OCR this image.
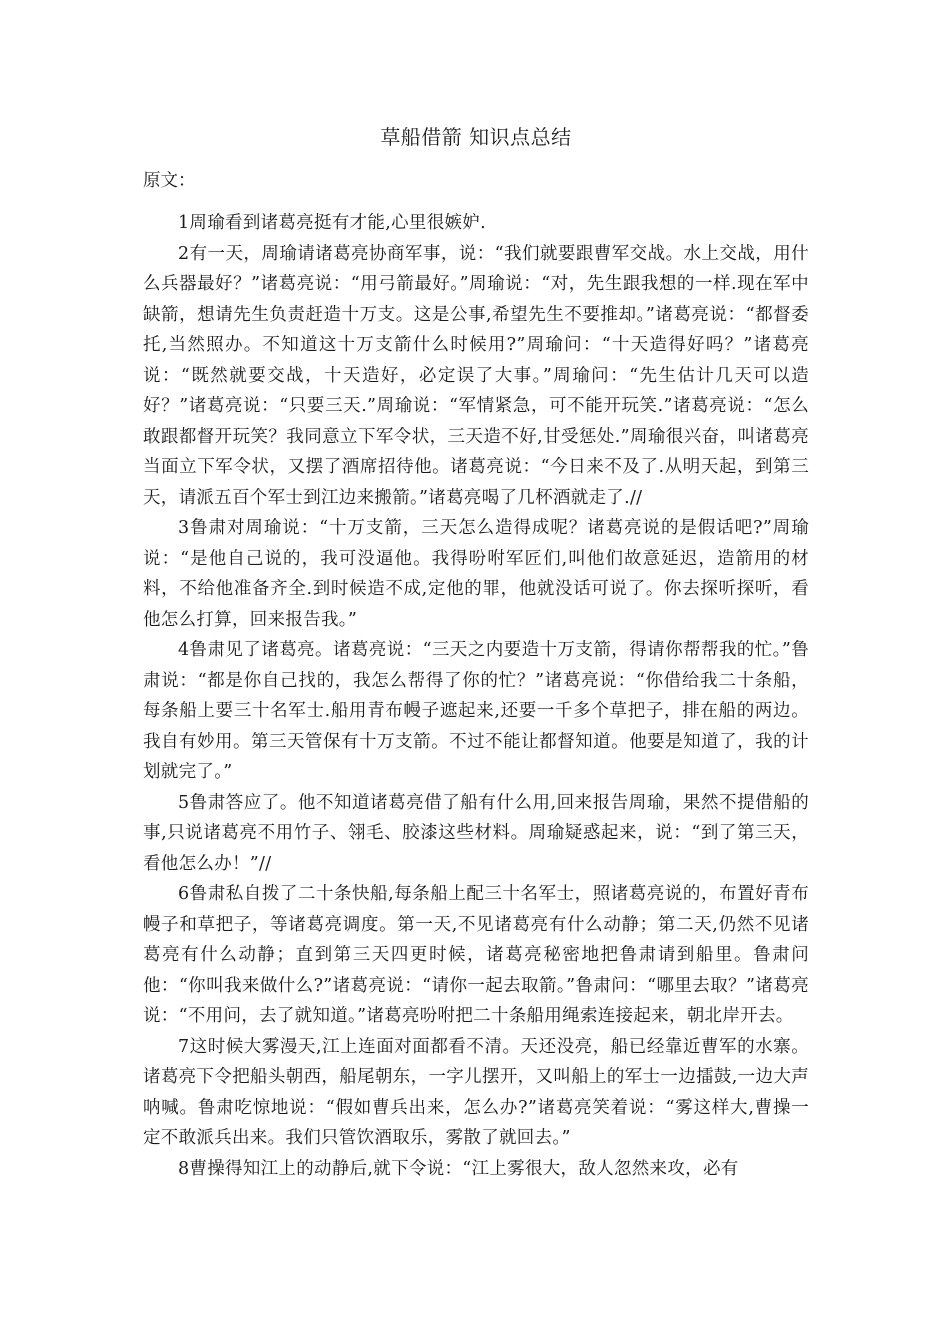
草船借箭 知识点总结

原文：

1周瑜看到诸葛亮挺有才能,心里很嫉妒.

2有一天，周瑜请诸葛亮协商军事，说：“我们就要跟曹军交战。水上交战，用什么兵器最好？”诸葛亮说：“用弓箭最好。”周瑜说：“对，先生跟我想的一样.现在军中缺箭，想请先生负责赶造十万支。这是公事,希望先生不要推却。”诸葛亮说：“都督委托,当然照办。不知道这十万支箭什么时候用?”周瑜问：“十天造得好吗？”诸葛亮说：“既然就要交战，十天造好，必定误了大事。”周瑜问：“先生估计几天可以造好？”诸葛亮说：“只要三天.”周瑜说：“军情紧急，可不能开玩笑.”诸葛亮说：“怎么敢跟都督开玩笑？我同意立下军令状，三天造不好,甘受惩处.”周瑜很兴奋，叫诸葛亮当面立下军令状，又摆了酒席招待他。诸葛亮说：“今日来不及了.从明天起，到第三天，请派五百个军士到江边来搬箭。”诸葛亮喝了几杯酒就走了.//

3鲁肃对周瑜说：“十万支箭，三天怎么造得成呢？诸葛亮说的是假话吧?”周瑜说：“是他自己说的，我可没逼他。我得吩咐军匠们,叫他们故意延迟，造箭用的材料，不给他准备齐全.到时候造不成,定他的罪，他就没话可说了。你去探听探听，看他怎么打算，回来报告我。”

4鲁肃见了诸葛亮。诸葛亮说：“三天之内要造十万支箭，得请你帮帮我的忙。”鲁肃说：“都是你自己找的，我怎么帮得了你的忙？”诸葛亮说：“你借给我二十条船，每条船上要三十名军士.船用青布幔子遮起来,还要一千多个草把子，排在船的两边。我自有妙用。第三天管保有十万支箭。不过不能让都督知道。他要是知道了，我的计划就完了。”

5鲁肃答应了。他不知道诸葛亮借了船有什么用,回来报告周瑜，果然不提借船的事,只说诸葛亮不用竹子、翎毛、胶漆这些材料。周瑜疑惑起来，说：“到了第三天，看他怎么办！”//

6鲁肃私自拨了二十条快船,每条船上配三十名军士，照诸葛亮说的，布置好青布幔子和草把子，等诸葛亮调度。第一天,不见诸葛亮有什么动静；第二天,仍然不见诸葛亮有什么动静；直到第三天四更时候，诸葛亮秘密地把鲁肃请到船里。鲁肃问他：“你叫我来做什么?”诸葛亮说：“请你一起去取箭。”鲁肃问：“哪里去取？”诸葛亮说：“不用问，去了就知道。”诸葛亮吩咐把二十条船用绳索连接起来，朝北岸开去。

7这时候大雾漫天,江上连面对面都看不清。天还没亮，船已经靠近曹军的水寨。诸葛亮下令把船头朝西，船尾朝东，一字儿摆开，又叫船上的军士一边擂鼓,一边大声呐喊。鲁肃吃惊地说：“假如曹兵出来，怎么办?”诸葛亮笑着说：“雾这样大,曹操一定不敢派兵出来。我们只管饮酒取乐，雾散了就回去。”

8曹操得知江上的动静后,就下令说：“江上雾很大，敌人忽然来攻，必有
